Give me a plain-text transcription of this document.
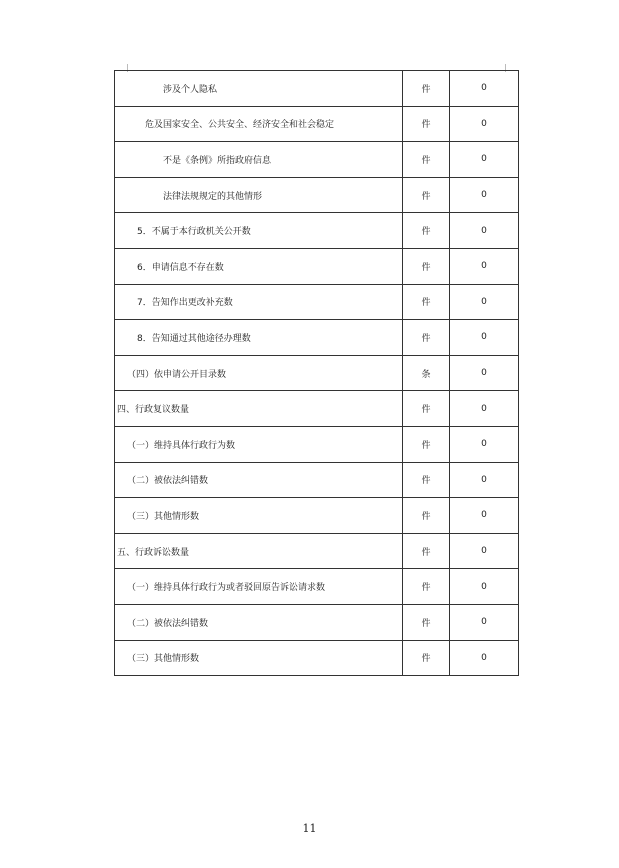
涉及个人隐私	件	0
危及国家安全、公共安全、经济安全和社会稳定	件	0
不是《条例》所指政府信息	件	0
法律法规规定的其他情形	件	0
5．不属于本行政机关公开数	件	0
6．申请信息不存在数	件	0
7．告知作出更改补充数	件	0
8．告知通过其他途径办理数	件	0
（四）依申请公开目录数	条	0
四、行政复议数量	件	0
（一）维持具体行政行为数	件	0
（二）被依法纠错数	件	0
（三）其他情形数	件	0
五、行政诉讼数量	件	0
（一）维持具体行政行为或者驳回原告诉讼请求数	件	0
（二）被依法纠错数	件	0
（三）其他情形数	件	0
11
